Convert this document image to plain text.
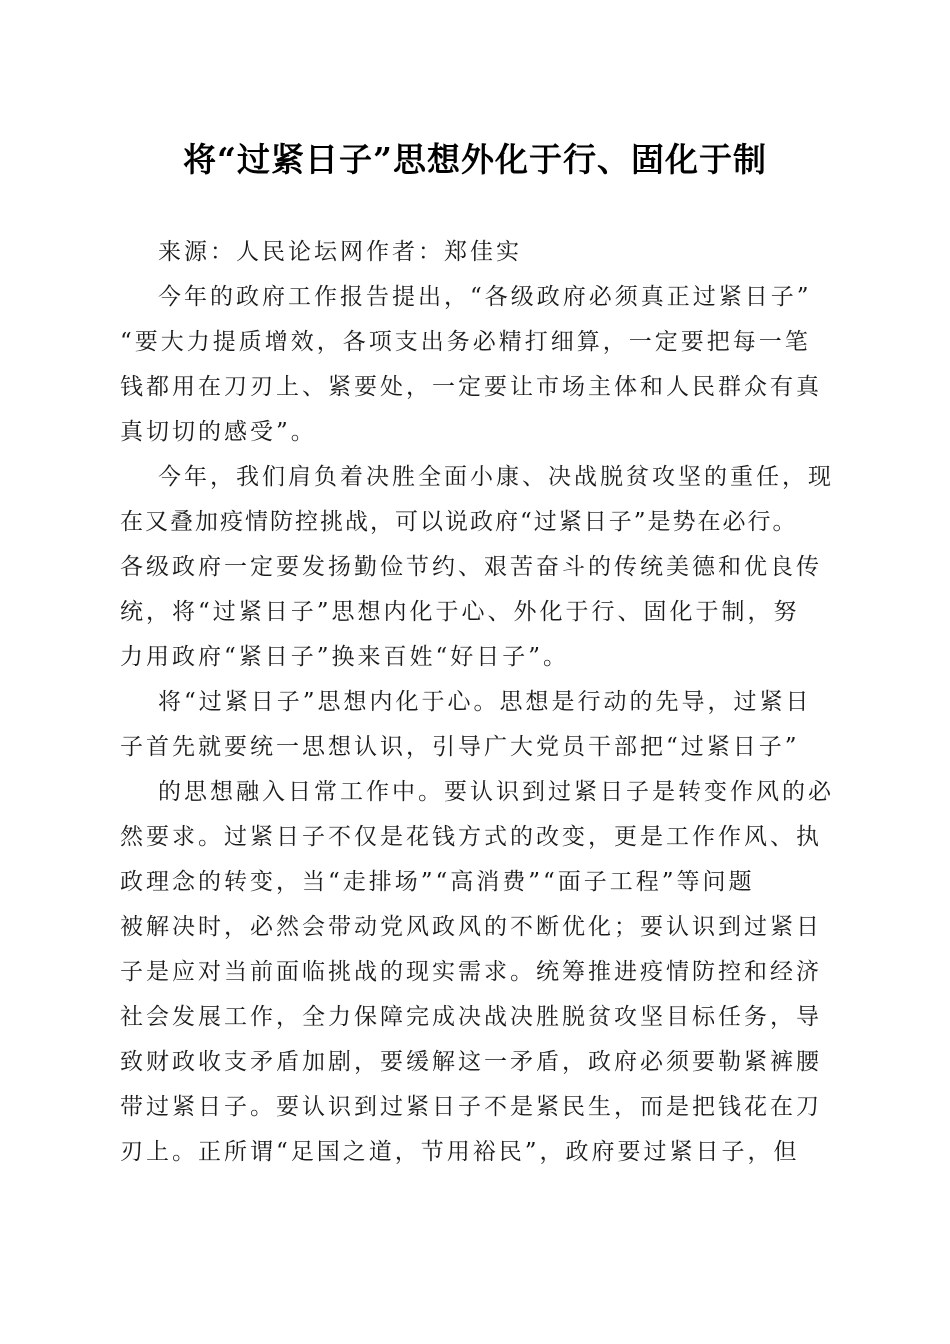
将“过紧日子”思想外化于行、固化于制
来源：人民论坛网作者：郑佳实
今年的政府工作报告提出，“各级政府必须真正过紧日子”
“要大力提质增效，各项支出务必精打细算，一定要把每一笔
钱都用在刀刃上、紧要处，一定要让市场主体和人民群众有真
真切切的感受”。
今年，我们肩负着决胜全面小康、决战脱贫攻坚的重任，现
在又叠加疫情防控挑战，可以说政府“过紧日子”是势在必行。
各级政府一定要发扬勤俭节约、艰苦奋斗的传统美德和优良传
统，将“过紧日子”思想内化于心、外化于行、固化于制，努
力用政府“紧日子”换来百姓“好日子”。
将“过紧日子”思想内化于心。思想是行动的先导，过紧日
子首先就要统一思想认识，引导广大党员干部把“过紧日子”
的思想融入日常工作中。要认识到过紧日子是转变作风的必
然要求。过紧日子不仅是花钱方式的改变，更是工作作风、执
政理念的转变，当“走排场”“高消费”“面子工程”等问题
被解决时，必然会带动党风政风的不断优化；要认识到过紧日
子是应对当前面临挑战的现实需求。统筹推进疫情防控和经济
社会发展工作，全力保障完成决战决胜脱贫攻坚目标任务，导
致财政收支矛盾加剧，要缓解这一矛盾，政府必须要勒紧裤腰
带过紧日子。要认识到过紧日子不是紧民生，而是把钱花在刀
刃上。正所谓“足国之道，节用裕民”，政府要过紧日子，但
